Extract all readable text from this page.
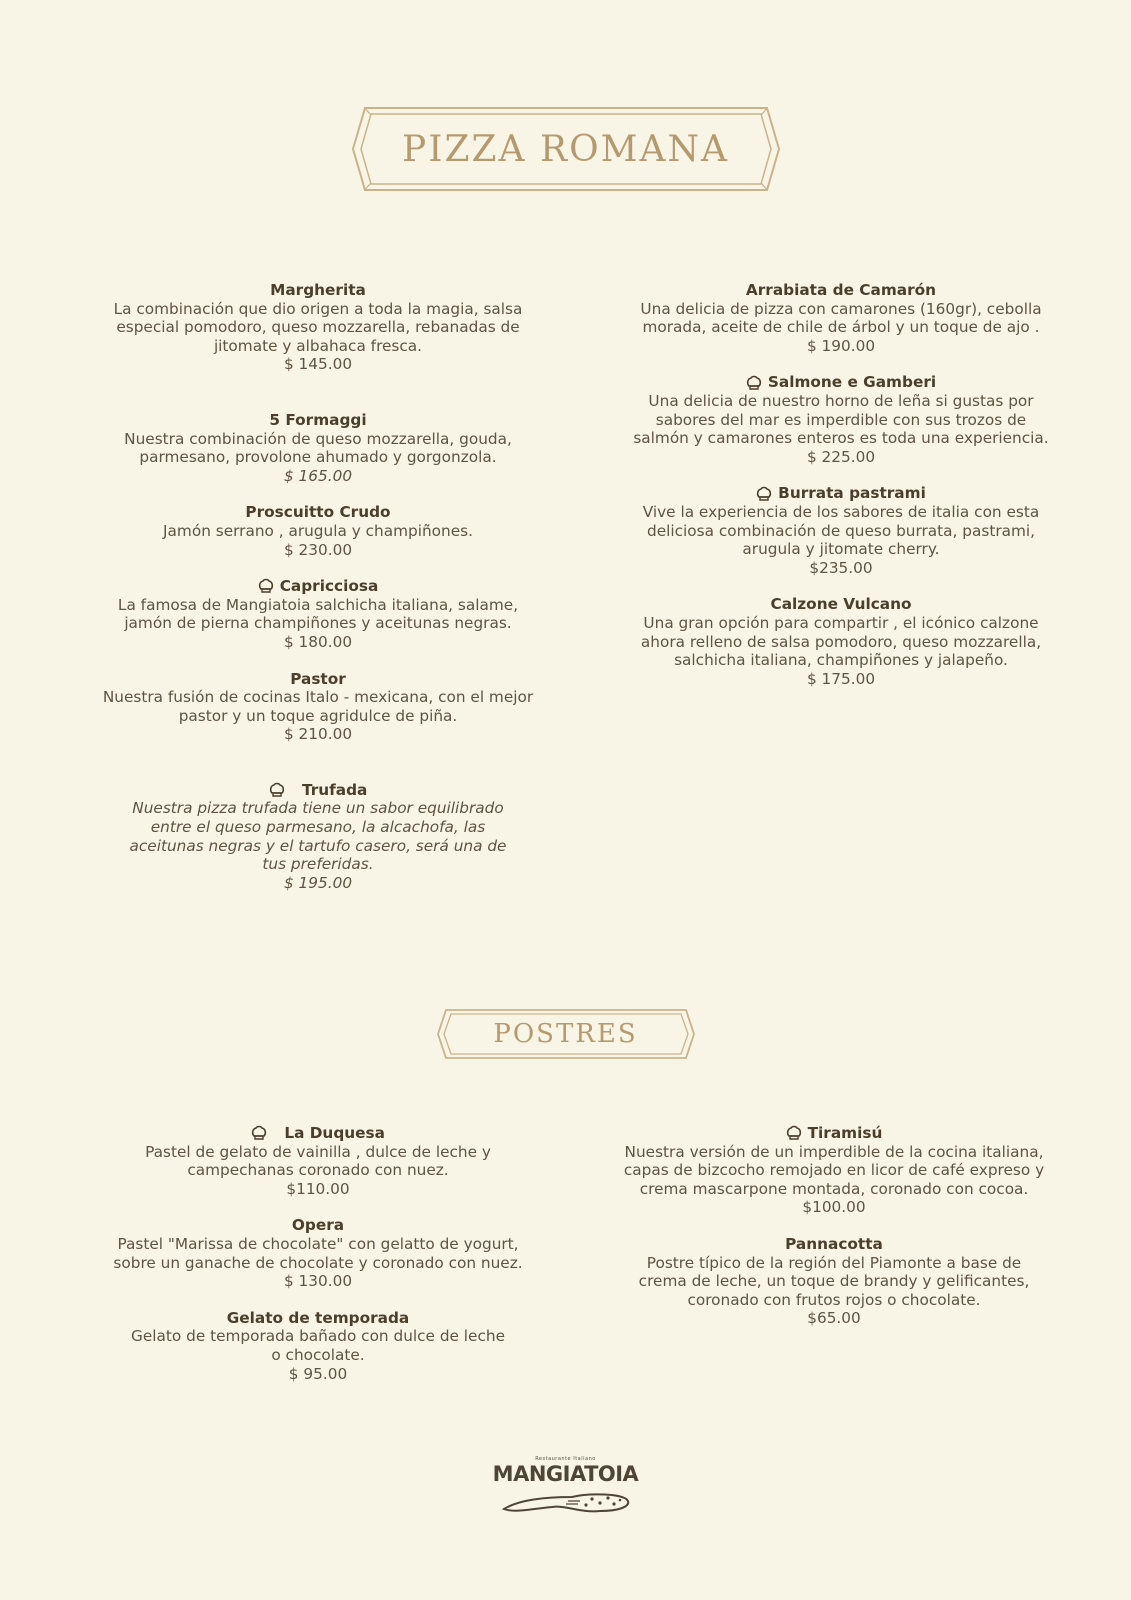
PIZZA ROMANA
Margherita
La combinación que dio origen a toda la magia, salsa especial pomodoro, queso mozzarella, rebanadas de jitomate y albahaca fresca.
$ 145.00
5 Formaggi
Nuestra combinación de queso mozzarella, gouda, parmesano, provolone ahumado y gorgonzola.
$ 165.00
Proscuitto Crudo
Jamón serrano , arugula y champiñones.
$ 230.00
Capricciosa
La famosa de Mangiatoia salchicha italiana, salame, jamón de pierna champiñones y aceitunas negras.
$ 180.00
Pastor
Nuestra fusión de cocinas Italo - mexicana, con el mejor pastor y un toque agridulce de piña.
$ 210.00

Trufada
Nuestra pizza trufada tiene un sabor equilibrado entre el queso parmesano, la alcachofa, las aceitunas negras y el tartufo casero, será una de tus preferidas.
$ 195.00
Arrabiata de Camarón
Una delicia de pizza con camarones (160gr), cebolla morada, aceite de chile de árbol y un toque de ajo .
$ 190.00
Salmone e Gamberi
Una delicia de nuestro horno de leña si gustas por sabores del mar es imperdible con sus trozos de salmón y camarones enteros es toda una experiencia.
$ 225.00
Burrata pastrami
Vive la experiencia de los sabores de italia con esta deliciosa combinación de queso burrata, pastrami, arugula y jitomate cherry.
$235.00
Calzone Vulcano
Una gran opción para compartir , el icónico calzone ahora relleno de salsa pomodoro, queso mozzarella, salchicha italiana, champiñones y jalapeño.
$ 175.00
POSTRES

La Duquesa
Pastel de gelato de vainilla , dulce de leche y campechanas coronado con nuez.
$110.00
Opera
Pastel "Marissa de chocolate" con gelatto de yogurt, sobre un ganache de chocolate y coronado con nuez.
$ 130.00
Gelato de temporada
Gelato de temporada bañado con dulce de leche o chocolate.
$ 95.00
Tiramisú
Nuestra versión de un imperdible de la cocina italiana, capas de bizcocho remojado en licor de café expreso y crema mascarpone montada, coronado con cocoa.
$100.00
Pannacotta
Postre típico de la región del Piamonte a base de crema de leche, un toque de brandy y gelificantes, coronado con frutos rojos o chocolate.
$65.00
Restaurante Italiano
MANGIATOIA
